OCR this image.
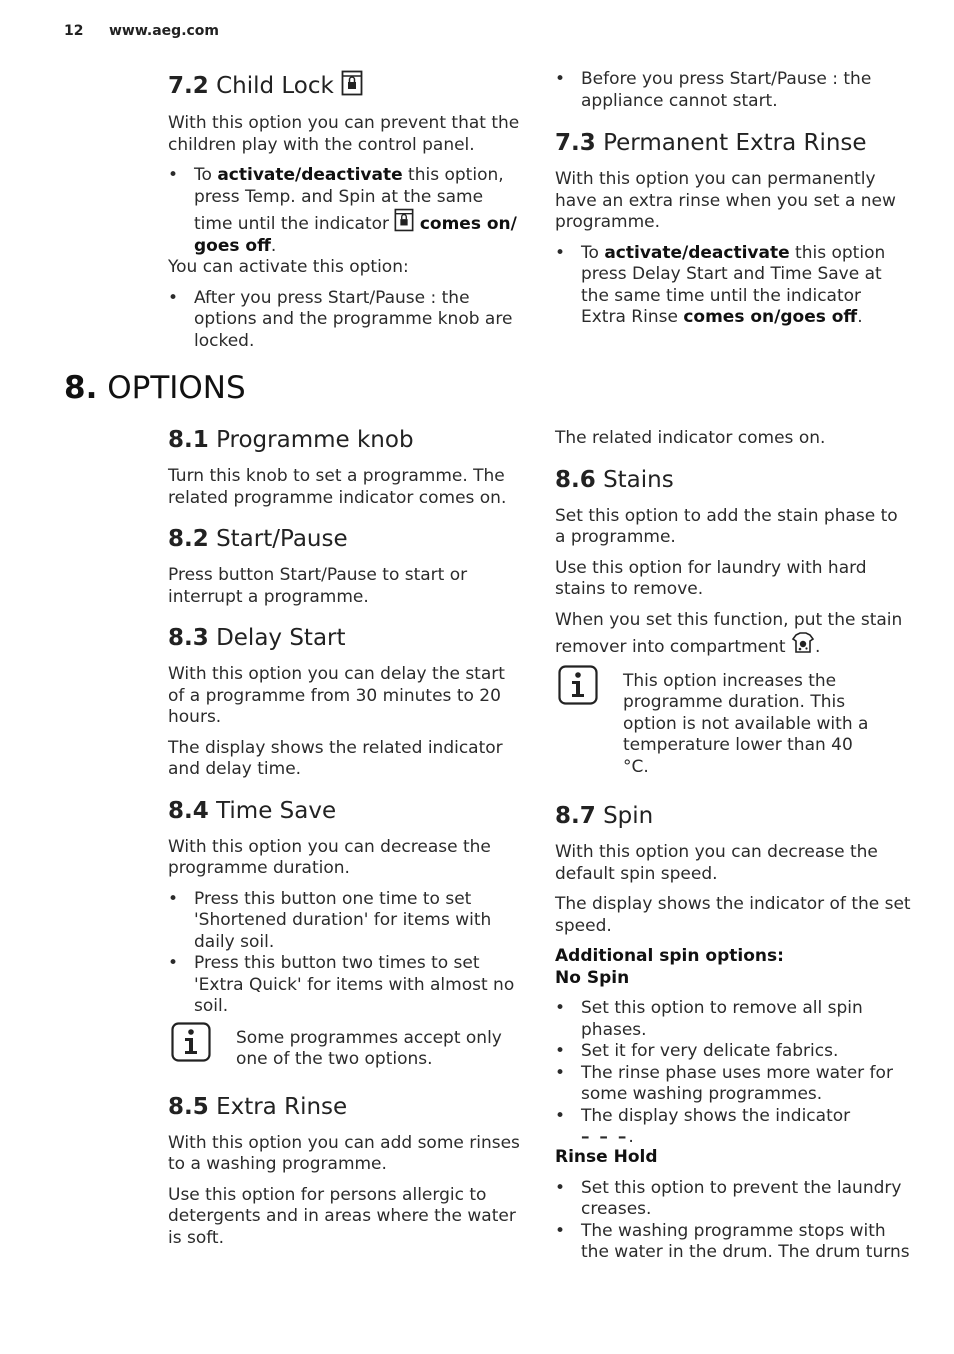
12 www.aeg.com
7.2 Child Lock

With this option you can prevent that the children play with the control panel.

• To activate/deactivate this option, press Temp. and Spin at the same time until the indicator  comes on/ goes off.

You can activate this option:

• After you press Start/Pause : the options and the programme knob are locked.
• Before you press Start/Pause : the appliance cannot start.
7.3 Permanent Extra Rinse

With this option you can permanently have an extra rinse when you set a new programme.

• To activate/deactivate this option press Delay Start and Time Save at the same time until the indicator Extra Rinse comes on/goes off.
8. OPTIONS
8.1 Programme knob

Turn this knob to set a programme. The related programme indicator comes on.

8.2 Start/Pause

Press button Start/Pause to start or interrupt a programme.

8.3 Delay Start

With this option you can delay the start of a programme from 30 minutes to 20 hours.

The display shows the related indicator and delay time.

8.4 Time Save

With this option you can decrease the programme duration.

• Press this button one time to set 'Shortened duration' for items with daily soil.
• Press this button two times to set 'Extra Quick' for items with almost no soil.

Some programmes accept only one of the two options.

8.5 Extra Rinse

With this option you can add some rinses to a washing programme.

Use this option for persons allergic to detergents and in areas where the water is soft.

The related indicator comes on.

8.6 Stains

Set this option to add the stain phase to a programme.

Use this option for laundry with hard stains to remove.

When you set this function, put the stain remover into compartment .

This option increases the programme duration. This option is not available with a temperature lower than 40 °C.

8.7 Spin

With this option you can decrease the default spin speed.

The display shows the indicator of the set speed.

Additional spin options:

No Spin

• Set this option to remove all spin phases.
• Set it for very delicate fabrics.
• The rinse phase uses more water for some washing programmes.
• The display shows the indicator

– – –.

Rinse Hold

• Set this option to prevent the laundry creases.
• The washing programme stops with the water in the drum. The drum turns
